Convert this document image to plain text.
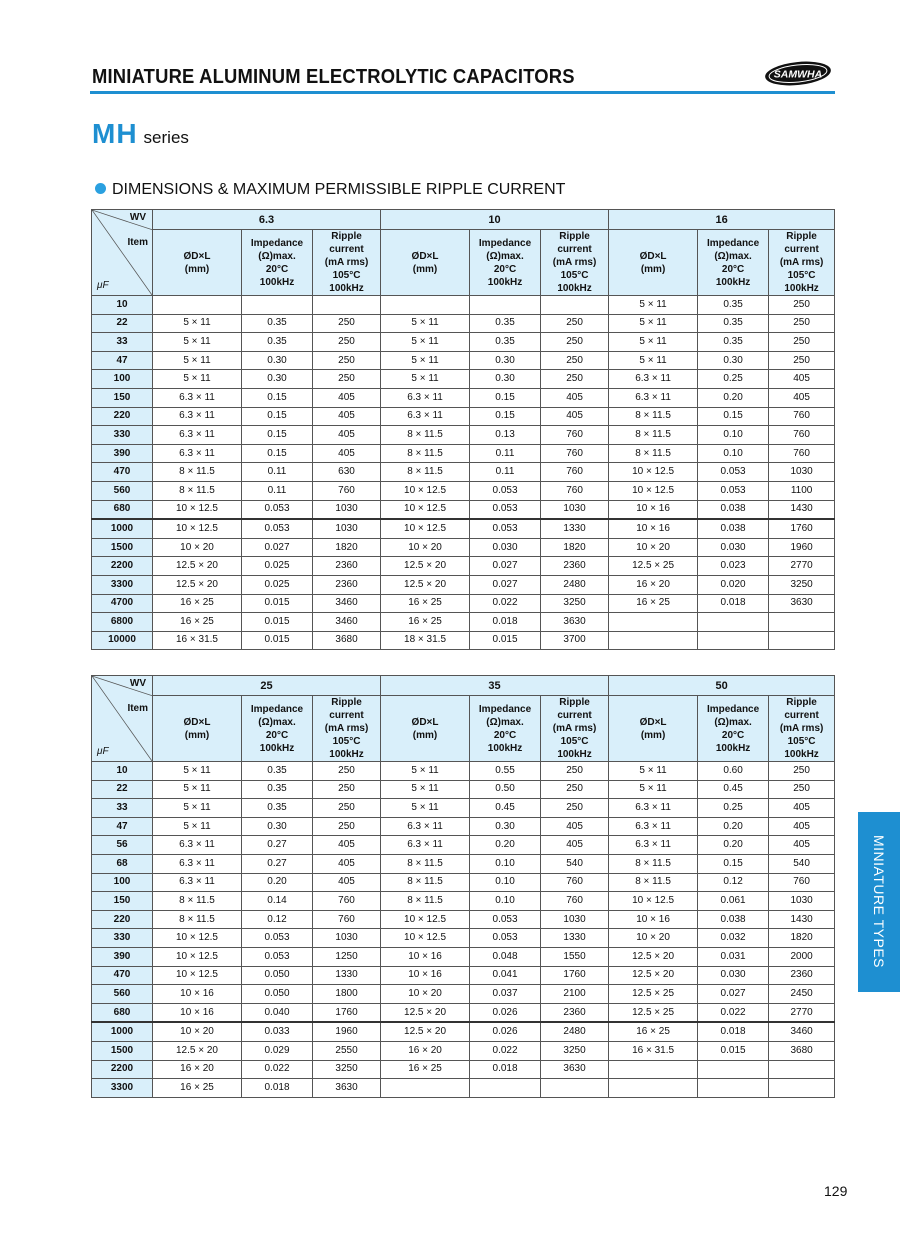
MINIATURE ALUMINUM ELECTROLYTIC CAPACITORS	SAMWHA
MH series
DIMENSIONS & MAXIMUM PERMISSIBLE RIPPLE CURRENT
WV
Item
μF	6.3			10			16		
	ØD×L
(mm)	Impedance
(Ω)max.
20°C
100kHz	Ripple
current
(mA rms)
105°C
100kHz	ØD×L
(mm)	Impedance
(Ω)max.
20°C
100kHz	Ripple
current
(mA rms)
105°C
100kHz	ØD×L
(mm)	Impedance
(Ω)max.
20°C
100kHz	Ripple
current
(mA rms)
105°C
100kHz
10							5 × 11	0.35	250
22	5 × 11	0.35	250	5 × 11	0.35	250	5 × 11	0.35	250
33	5 × 11	0.35	250	5 × 11	0.35	250	5 × 11	0.35	250
47	5 × 11	0.30	250	5 × 11	0.30	250	5 × 11	0.30	250
100	5 × 11	0.30	250	5 × 11	0.30	250	6.3 × 11	0.25	405
150	6.3 × 11	0.15	405	6.3 × 11	0.15	405	6.3 × 11	0.20	405
220	6.3 × 11	0.15	405	6.3 × 11	0.15	405	8 × 11.5	0.15	760
330	6.3 × 11	0.15	405	8 × 11.5	0.13	760	8 × 11.5	0.10	760
390	6.3 × 11	0.15	405	8 × 11.5	0.11	760	8 × 11.5	0.10	760
470	8 × 11.5	0.11	630	8 × 11.5	0.11	760	10 × 12.5	0.053	1030
560	8 × 11.5	0.11	760	10 × 12.5	0.053	760	10 × 12.5	0.053	1100
680	10 × 12.5	0.053	1030	10 × 12.5	0.053	1030	10 × 16	0.038	1430
1000	10 × 12.5	0.053	1030	10 × 12.5	0.053	1330	10 × 16	0.038	1760
1500	10 × 20	0.027	1820	10 × 20	0.030	1820	10 × 20	0.030	1960
2200	12.5 × 20	0.025	2360	12.5 × 20	0.027	2360	12.5 × 25	0.023	2770
3300	12.5 × 20	0.025	2360	12.5 × 20	0.027	2480	16 × 20	0.020	3250
4700	16 × 25	0.015	3460	16 × 25	0.022	3250	16 × 25	0.018	3630
6800	16 × 25	0.015	3460	16 × 25	0.018	3630			
10000	16 × 31.5	0.015	3680	18 × 31.5	0.015	3700			
WV
Item
μF	25			35			50		
	ØD×L
(mm)	Impedance
(Ω)max.
20°C
100kHz	Ripple
current
(mA rms)
105°C
100kHz	ØD×L
(mm)	Impedance
(Ω)max.
20°C
100kHz	Ripple
current
(mA rms)
105°C
100kHz	ØD×L
(mm)	Impedance
(Ω)max.
20°C
100kHz	Ripple
current
(mA rms)
105°C
100kHz
10	5 × 11	0.35	250	5 × 11	0.55	250	5 × 11	0.60	250
22	5 × 11	0.35	250	5 × 11	0.50	250	5 × 11	0.45	250
33	5 × 11	0.35	250	5 × 11	0.45	250	6.3 × 11	0.25	405
47	5 × 11	0.30	250	6.3 × 11	0.30	405	6.3 × 11	0.20	405
56	6.3 × 11	0.27	405	6.3 × 11	0.20	405	6.3 × 11	0.20	405
68	6.3 × 11	0.27	405	8 × 11.5	0.10	540	8 × 11.5	0.15	540
100	6.3 × 11	0.20	405	8 × 11.5	0.10	760	8 × 11.5	0.12	760
150	8 × 11.5	0.14	760	8 × 11.5	0.10	760	10 × 12.5	0.061	1030
220	8 × 11.5	0.12	760	10 × 12.5	0.053	1030	10 × 16	0.038	1430
330	10 × 12.5	0.053	1030	10 × 12.5	0.053	1330	10 × 20	0.032	1820
390	10 × 12.5	0.053	1250	10 × 16	0.048	1550	12.5 × 20	0.031	2000
470	10 × 12.5	0.050	1330	10 × 16	0.041	1760	12.5 × 20	0.030	2360
560	10 × 16	0.050	1800	10 × 20	0.037	2100	12.5 × 25	0.027	2450
680	10 × 16	0.040	1760	12.5 × 20	0.026	2360	12.5 × 25	0.022	2770
1000	10 × 20	0.033	1960	12.5 × 20	0.026	2480	16 × 25	0.018	3460
1500	12.5 × 20	0.029	2550	16 × 20	0.022	3250	16 × 31.5	0.015	3680
2200	16 × 20	0.022	3250	16 × 25	0.018	3630			
3300	16 × 25	0.018	3630						
MINIATURE TYPES
129
